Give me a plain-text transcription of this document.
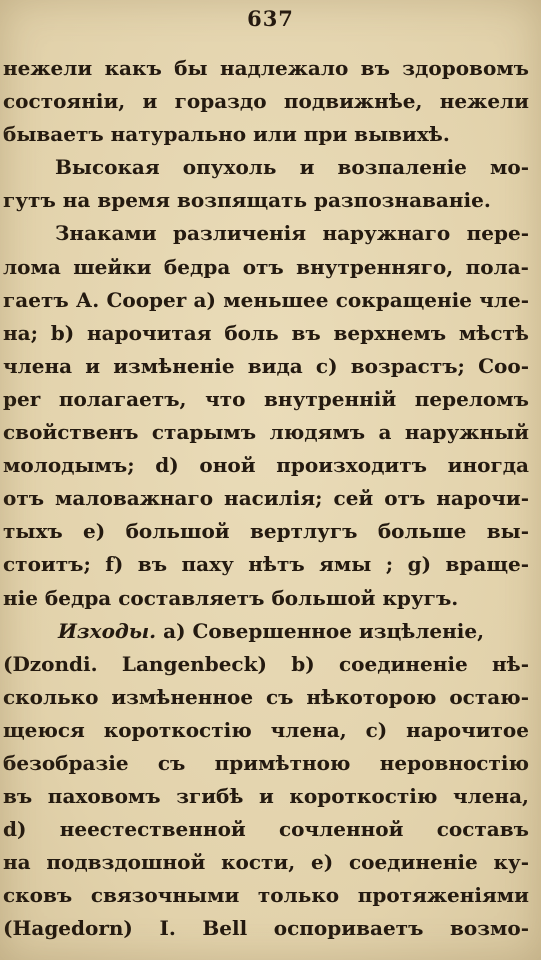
637
нежели какъ бы надлежало въ здоровомъ
состояніи, и гораздо подвижнѣе, нежели
бываетъ натурально или при вывихѣ.
Высокая опухоль и возпаленіе мо-
гутъ на время возпящать разпознаваніе.
Знаками различенія наружнаго пере-
лома шейки бедра отъ внутренняго, пола-
гаетъ А. Cooper а) меньшее сокращеніе чле-
на; b) нарочитая боль въ верхнемъ мѣстѣ
члена и измѣненіе вида с) возрастъ; Coo-
per полагаетъ, что внутренній переломъ
свойственъ старымъ людямъ а наружный
молодымъ; d) оной произходитъ иногда
отъ маловажнаго насилія; сей отъ нарочи-
тыхъ е) большой вертлугъ больше вы-
стоитъ; f) въ паху нѣтъ ямы ; g) враще-
ніе бедра составляетъ большой кругъ.
Изходы. а) Совершенное изцѣленіе,
(Dzondi. Langenbeck) b) соединеніе нѣ-
сколько измѣненное съ нѣкоторою остаю-
щеюся короткостію члена, с) нарочитое
безобразіе съ примѣтною неровностію
въ паховомъ згибѣ и короткостію члена,
d) неестественной сочленной составъ
на подвздошной кости, е) соединеніе ку-
сковъ связочными только протяженіями
(Hagedorn) I. Bell оспориваетъ возмо-
